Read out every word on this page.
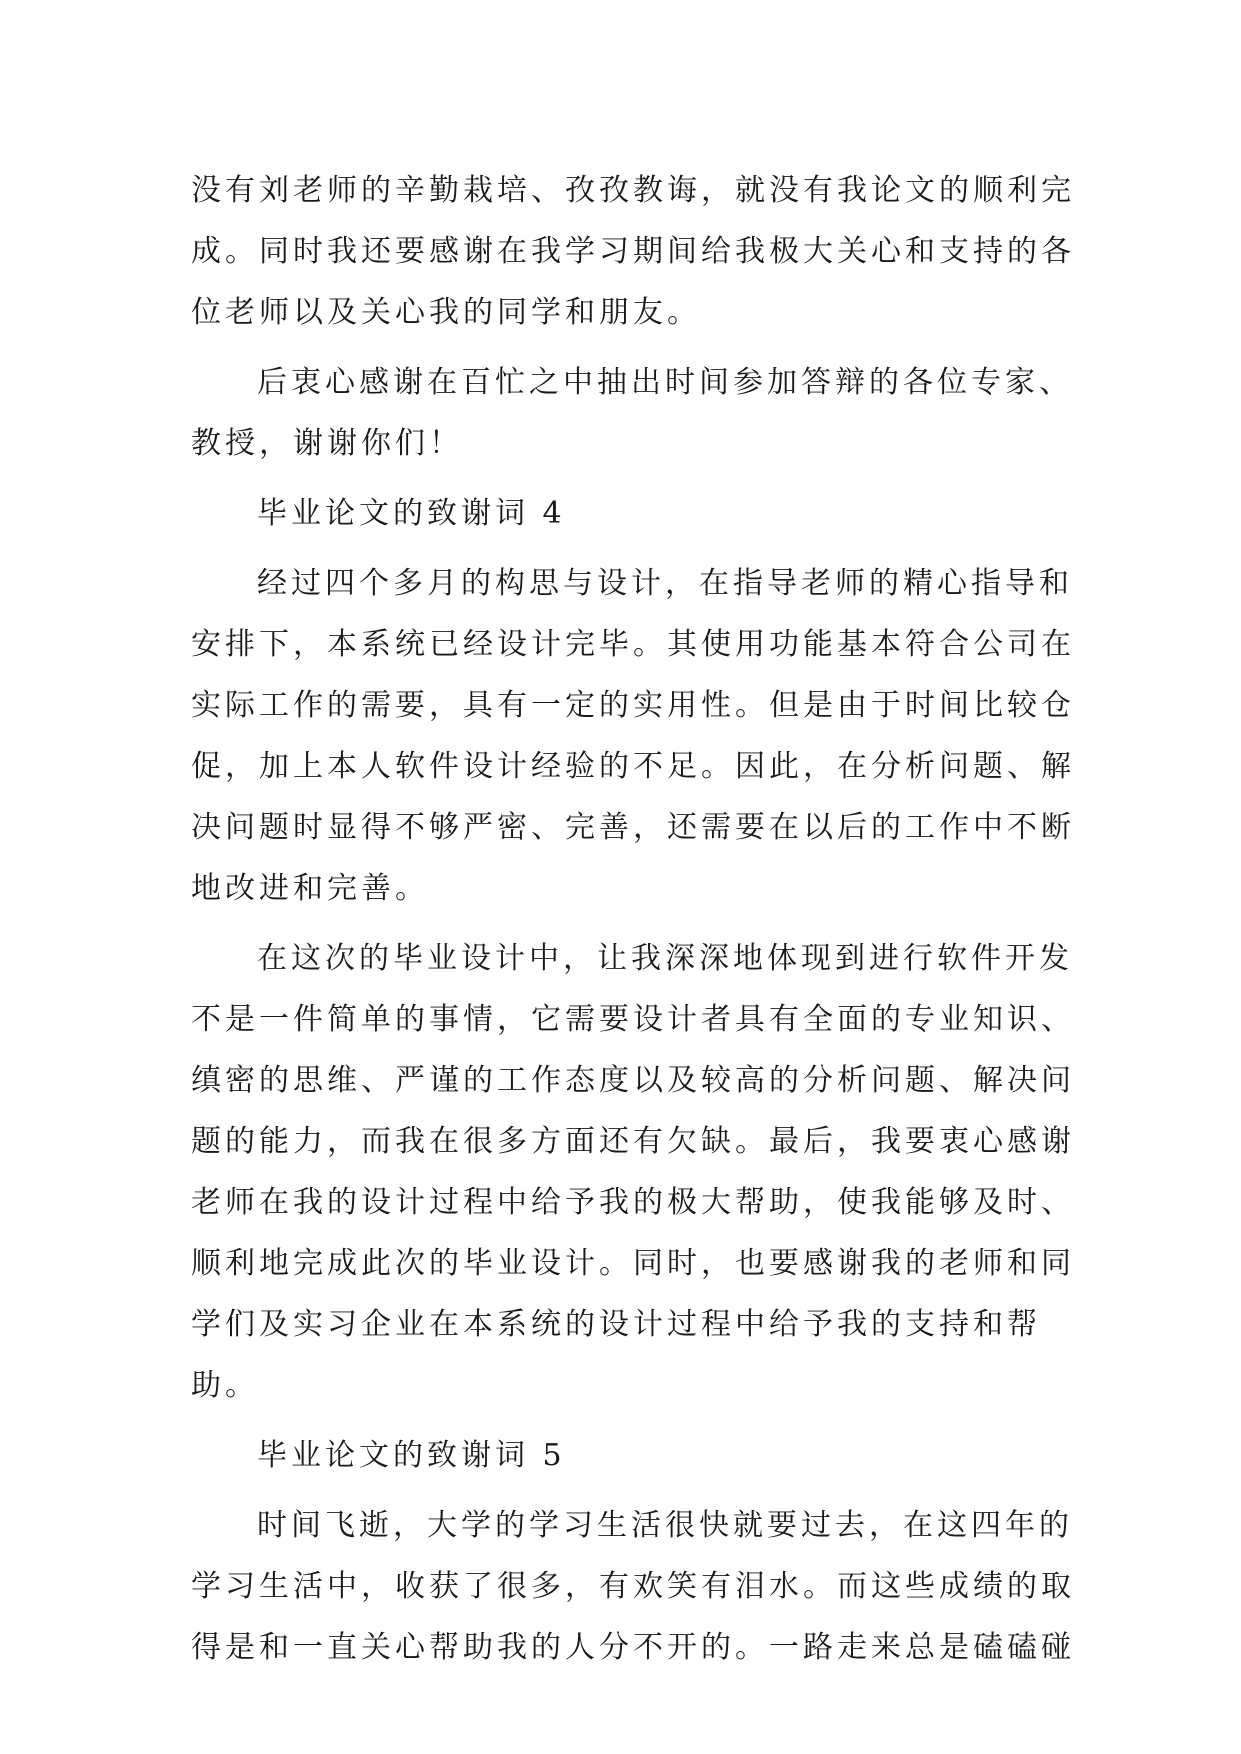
没有刘老师的辛勤栽培、孜孜教诲，就没有我论文的顺利完
成。同时我还要感谢在我学习期间给我极大关心和支持的各
位老师以及关心我的同学和朋友。
后衷心感谢在百忙之中抽出时间参加答辩的各位专家、
教授，谢谢你们！
毕业论文的致谢词 4
经过四个多月的构思与设计，在指导老师的精心指导和
安排下，本系统已经设计完毕。其使用功能基本符合公司在
实际工作的需要，具有一定的实用性。但是由于时间比较仓
促，加上本人软件设计经验的不足。因此，在分析问题、解
决问题时显得不够严密、完善，还需要在以后的工作中不断
地改进和完善。
在这次的毕业设计中，让我深深地体现到进行软件开发
不是一件简单的事情，它需要设计者具有全面的专业知识、
缜密的思维、严谨的工作态度以及较高的分析问题、解决问
题的能力，而我在很多方面还有欠缺。最后，我要衷心感谢
老师在我的设计过程中给予我的极大帮助，使我能够及时、
顺利地完成此次的毕业设计。同时，也要感谢我的老师和同
学们及实习企业在本系统的设计过程中给予我的支持和帮
助。
毕业论文的致谢词 5
时间飞逝，大学的学习生活很快就要过去，在这四年的
学习生活中，收获了很多，有欢笑有泪水。而这些成绩的取
得是和一直关心帮助我的人分不开的。一路走来总是磕磕碰
